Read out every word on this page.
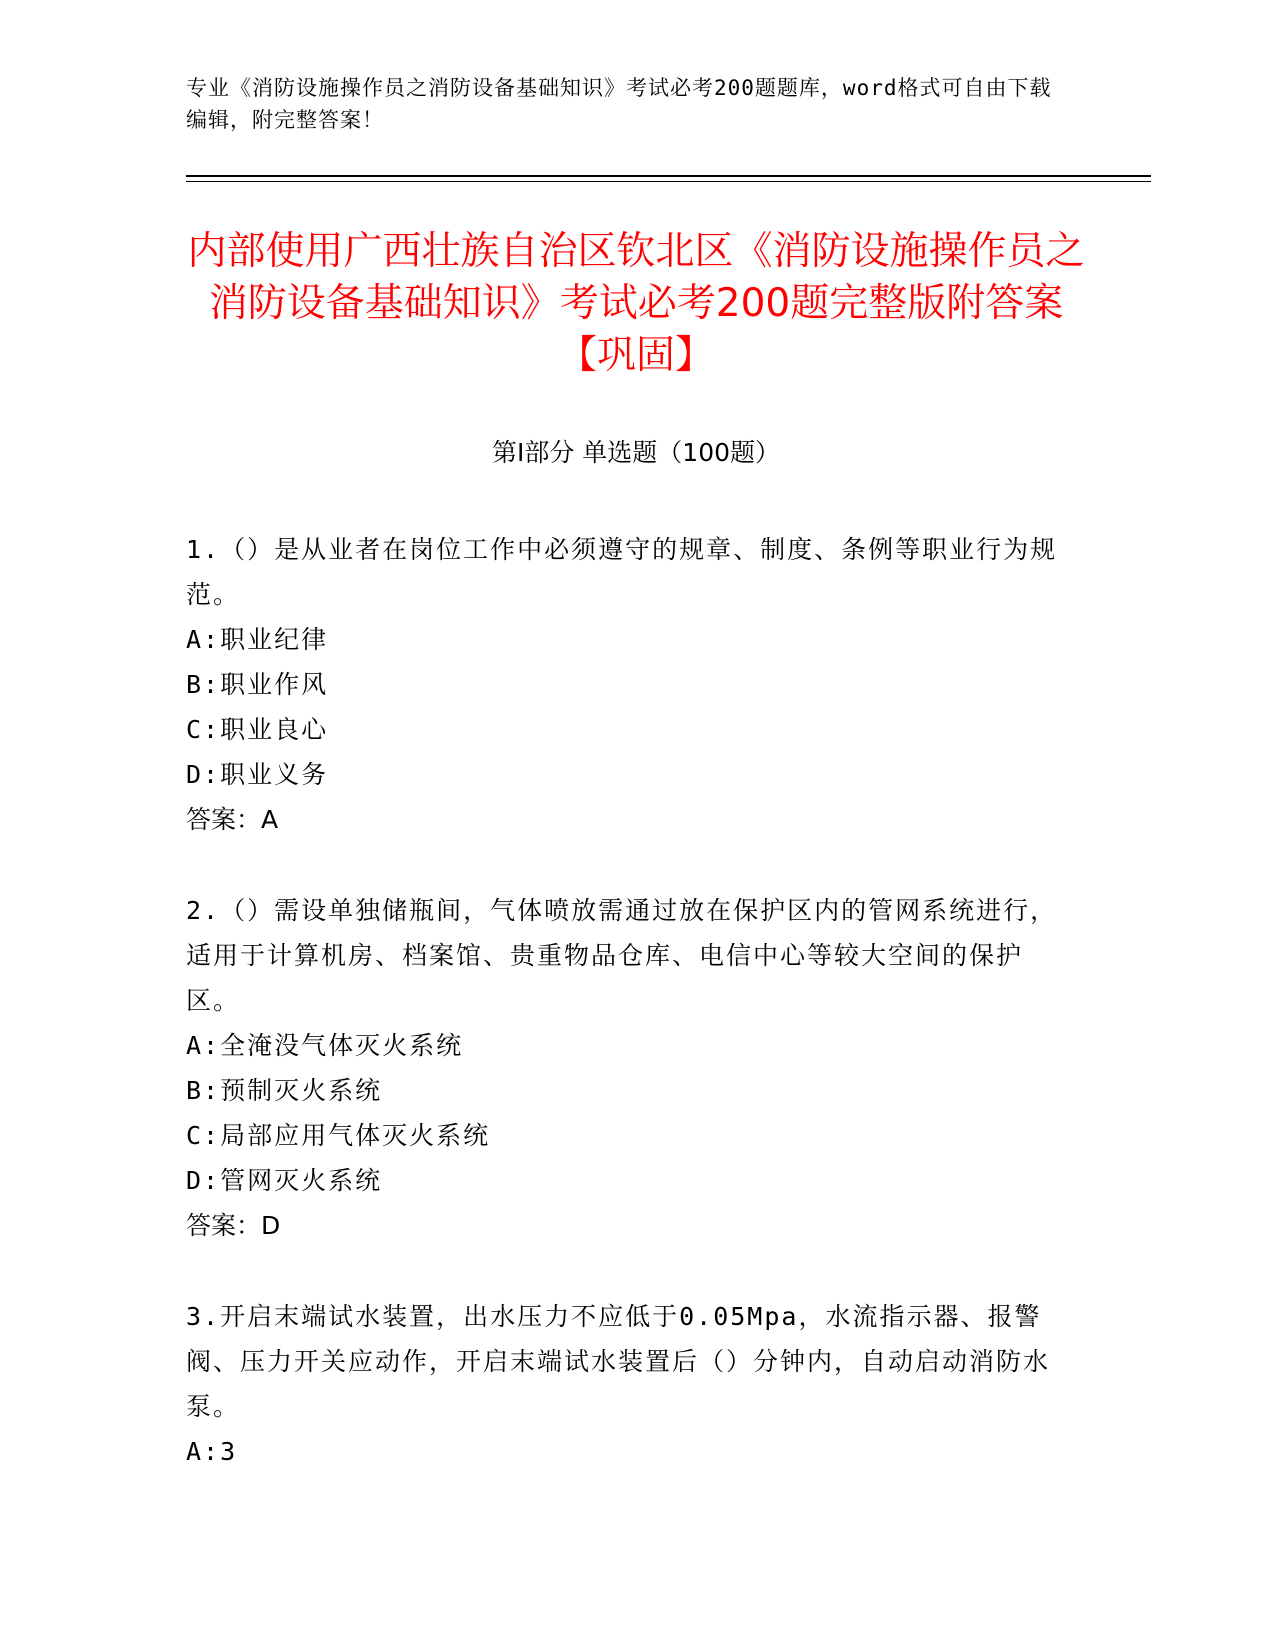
专业《消防设施操作员之消防设备基础知识》考试必考200题题库，word格式可自由下载编辑，附完整答案！
内部使用广西壮族自治区钦北区《消防设施操作员之消防设备基础知识》考试必考200题完整版附答案【巩固】
第I部分 单选题（100题）

1.（）是从业者在岗位工作中必须遵守的规章、制度、条例等职业行为规范。

A:职业纪律

B:职业作风

C:职业良心

D:职业义务

答案：A

2.（）需设单独储瓶间，气体喷放需通过放在保护区内的管网系统进行，适用于计算机房、档案馆、贵重物品仓库、电信中心等较大空间的保护区。

A:全淹没气体灭火系统

B:预制灭火系统

C:局部应用气体灭火系统

D:管网灭火系统

答案：D

3.开启末端试水装置，出水压力不应低于0.05Mpa，水流指示器、报警阀、压力开关应动作，开启末端试水装置后（）分钟内，自动启动消防水泵。

A:3
